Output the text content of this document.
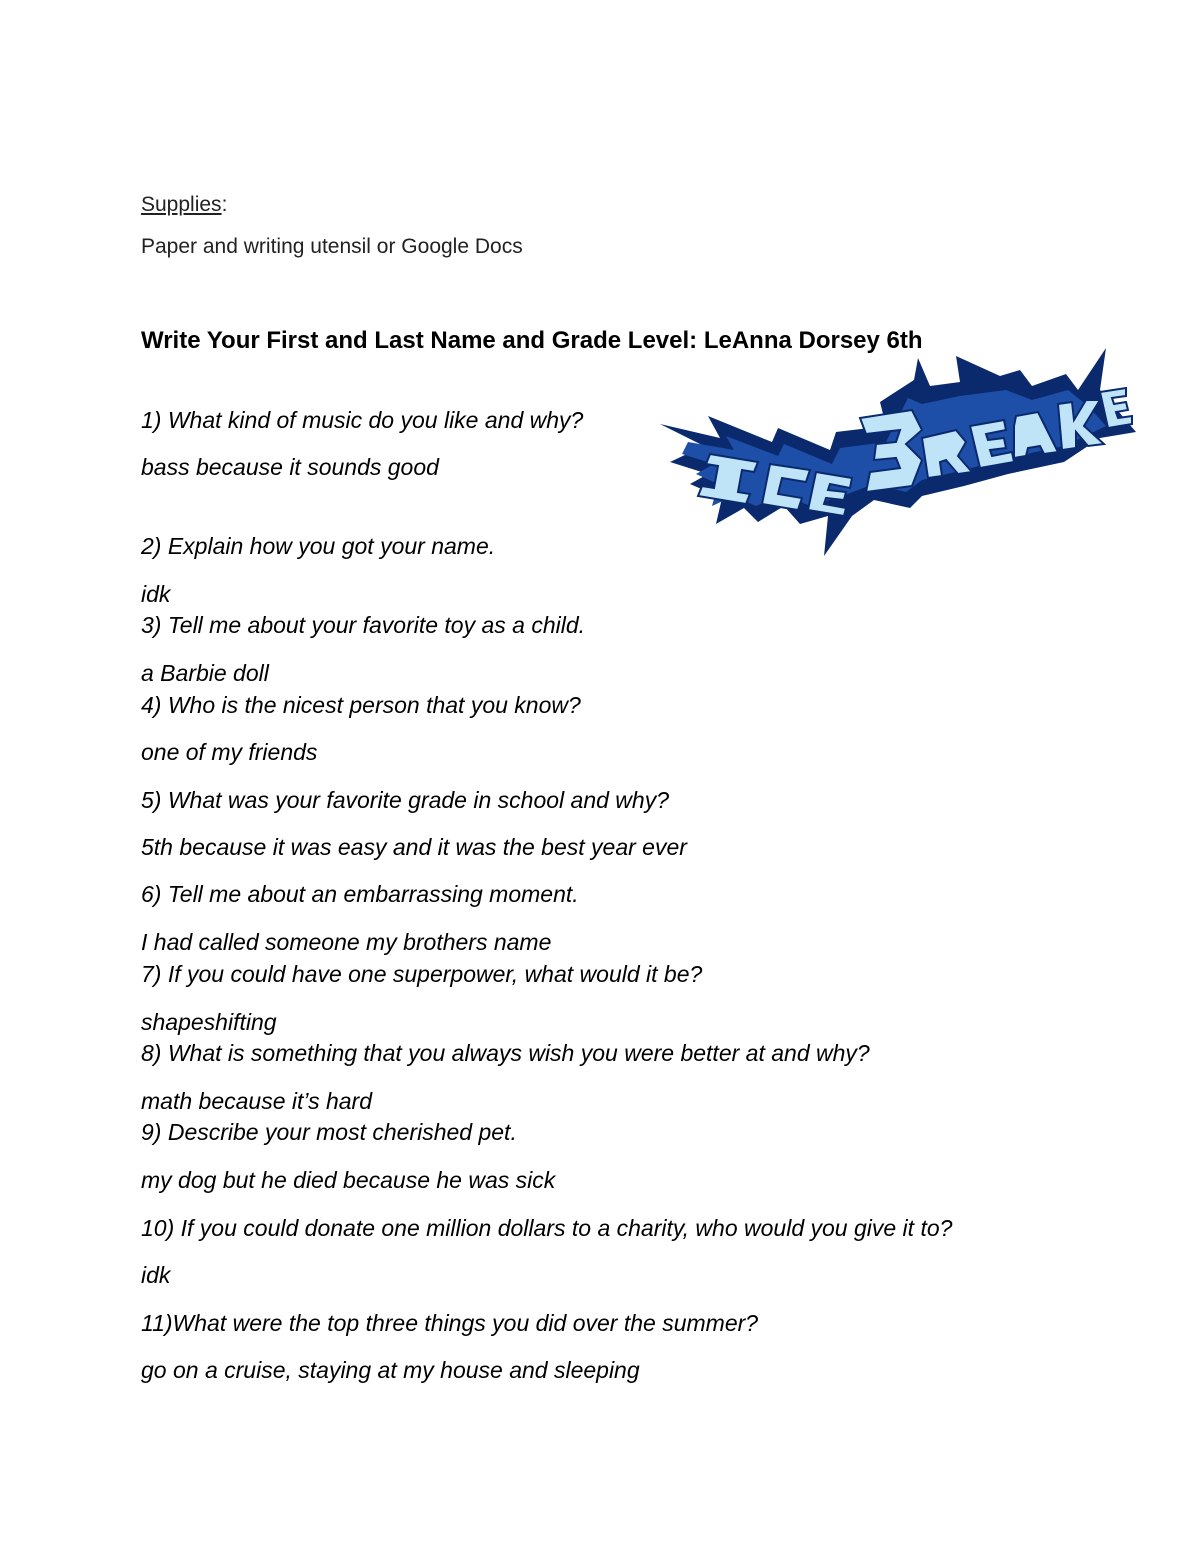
Supplies:
Paper and writing utensil or Google Docs
Write Your First and Last Name and Grade Level: LeAnna Dorsey 6th
1) What kind of music do you like and why?
bass because it sounds good
2) Explain how you got your name.
idk
3) Tell me about your favorite toy as a child.
a Barbie doll
4) Who is the nicest person that you know?
one of my friends
5) What was your favorite grade in school and why?
5th because it was easy and it was the best year ever
6) Tell me about an embarrassing moment.
I had called someone my brothers name
7) If you could have one superpower, what would it be?
shapeshifting
8) What is something that you always wish you were better at and why?
math because it’s hard
9) Describe your most cherished pet.
my dog but he died because he was sick
10) If you could donate one million dollars to a charity, who would you give it to?
idk
11)What were the top three things you did over the summer?
go on a cruise, staying at my house and sleeping
